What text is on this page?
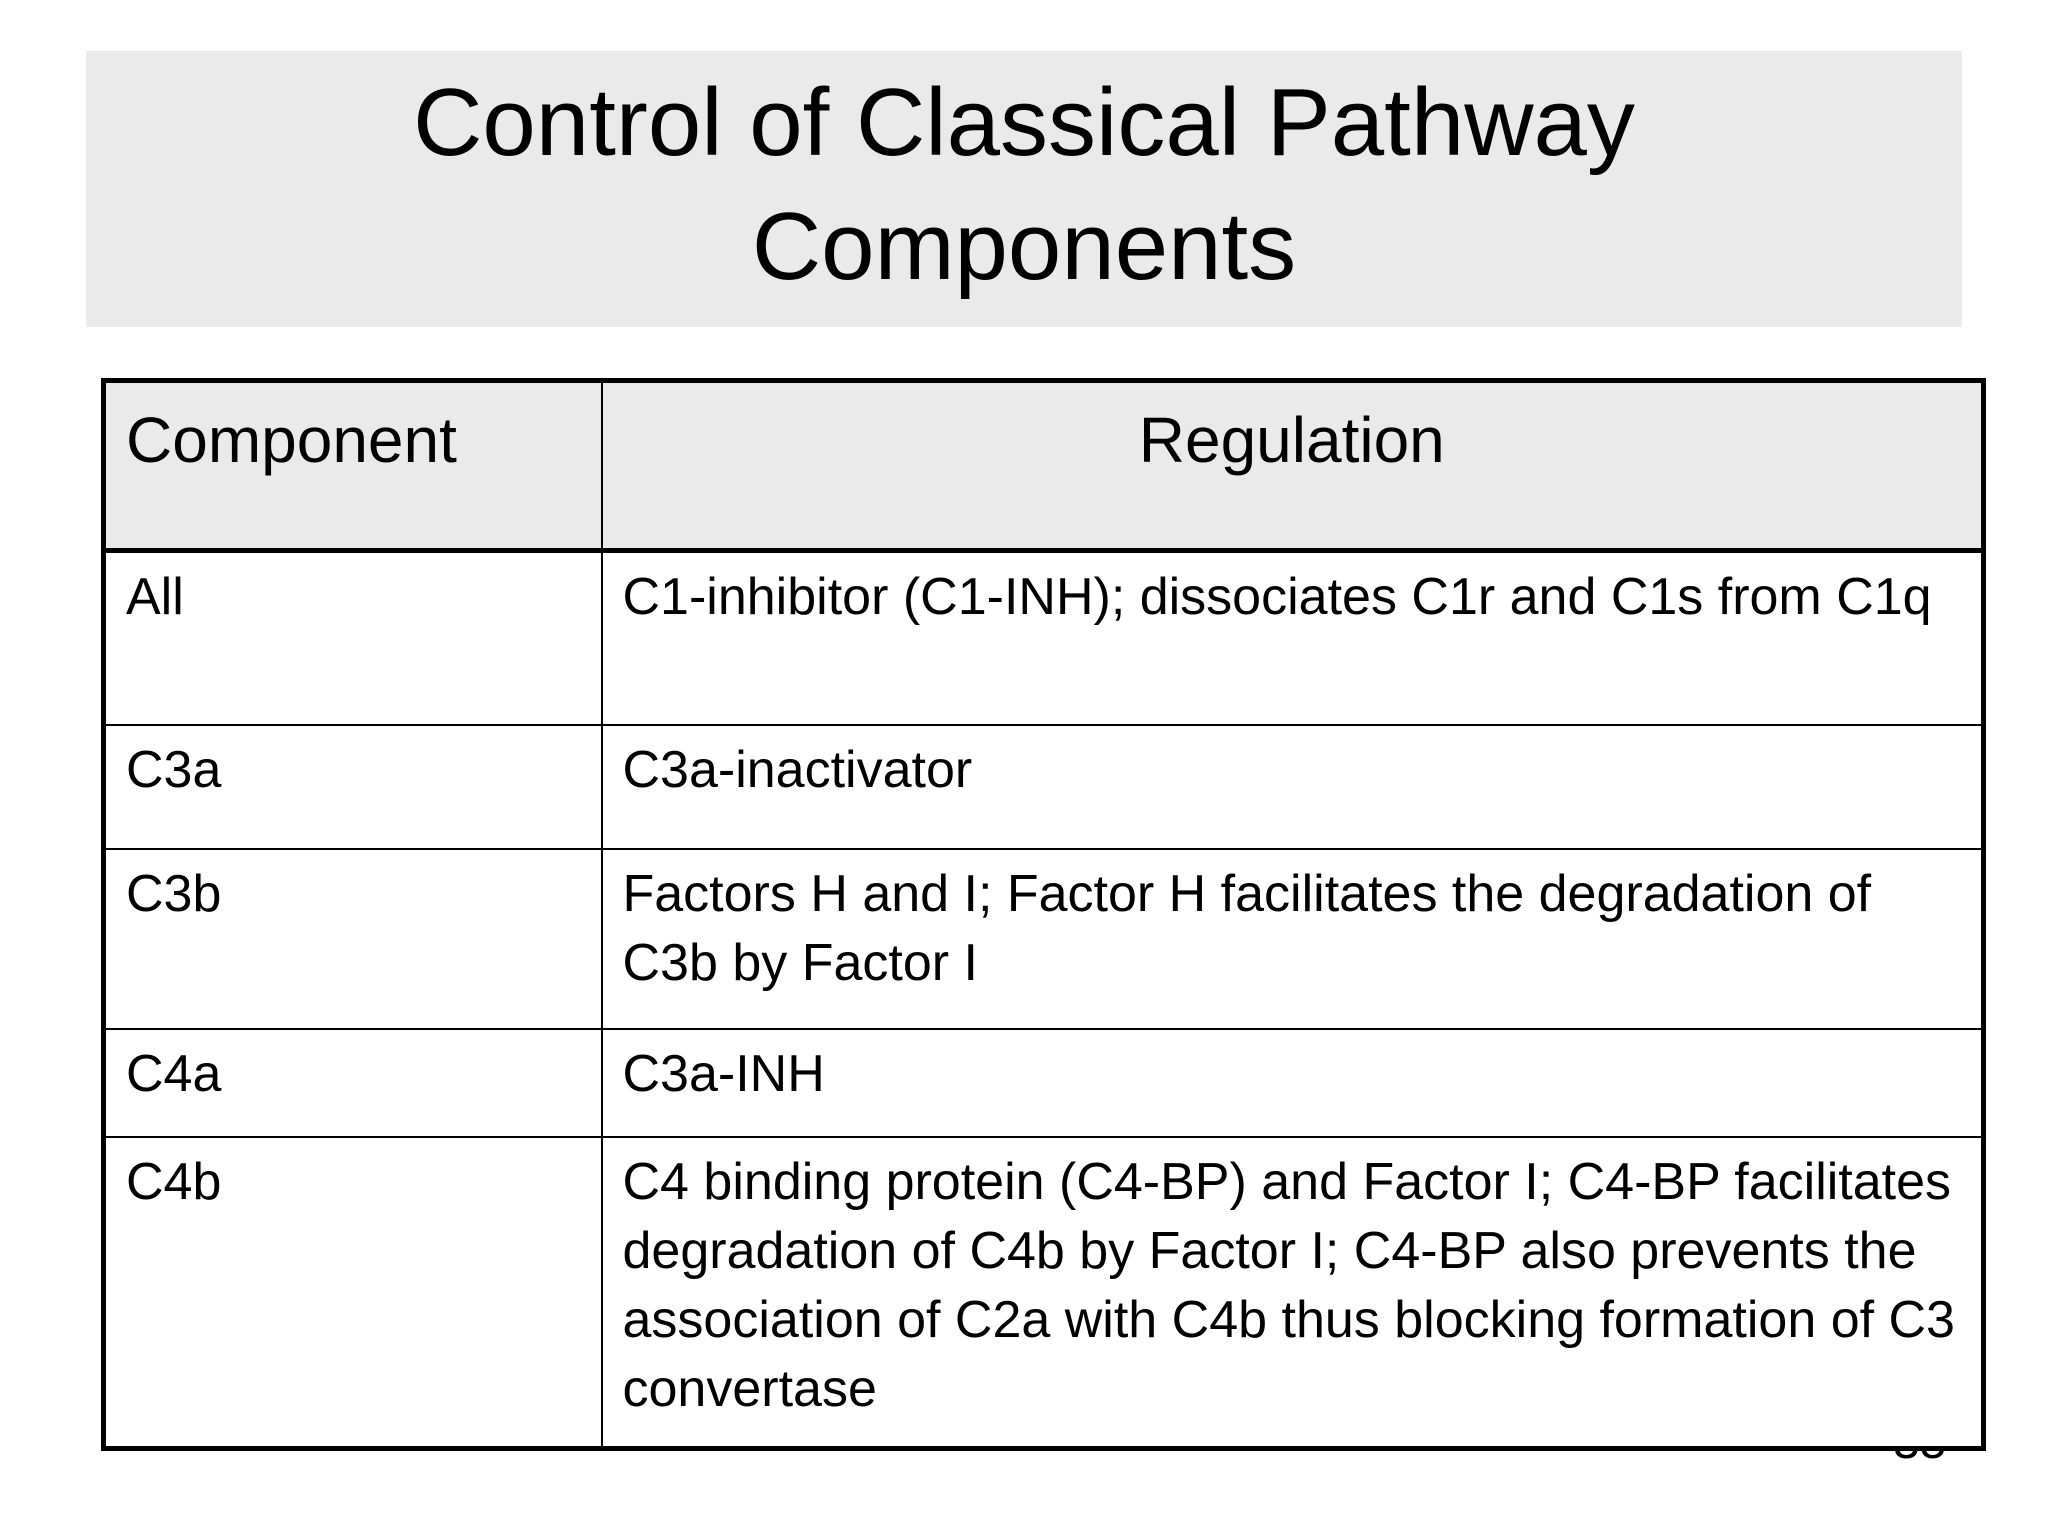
Control of Classical Pathway
Components
Component	Regulation
All	C1-inhibitor (C1-INH); dissociates C1r and C1s from C1q
C3a	C3a-inactivator
C3b	Factors H and I; Factor H facilitates the degradation of C3b by Factor I
C4a	C3a-INH
C4b	C4 binding protein (C4-BP) and Factor I; C4-BP facilitates degradation of C4b by Factor I; C4-BP also prevents the association of C2a with C4b thus blocking formation of C3 convertase
